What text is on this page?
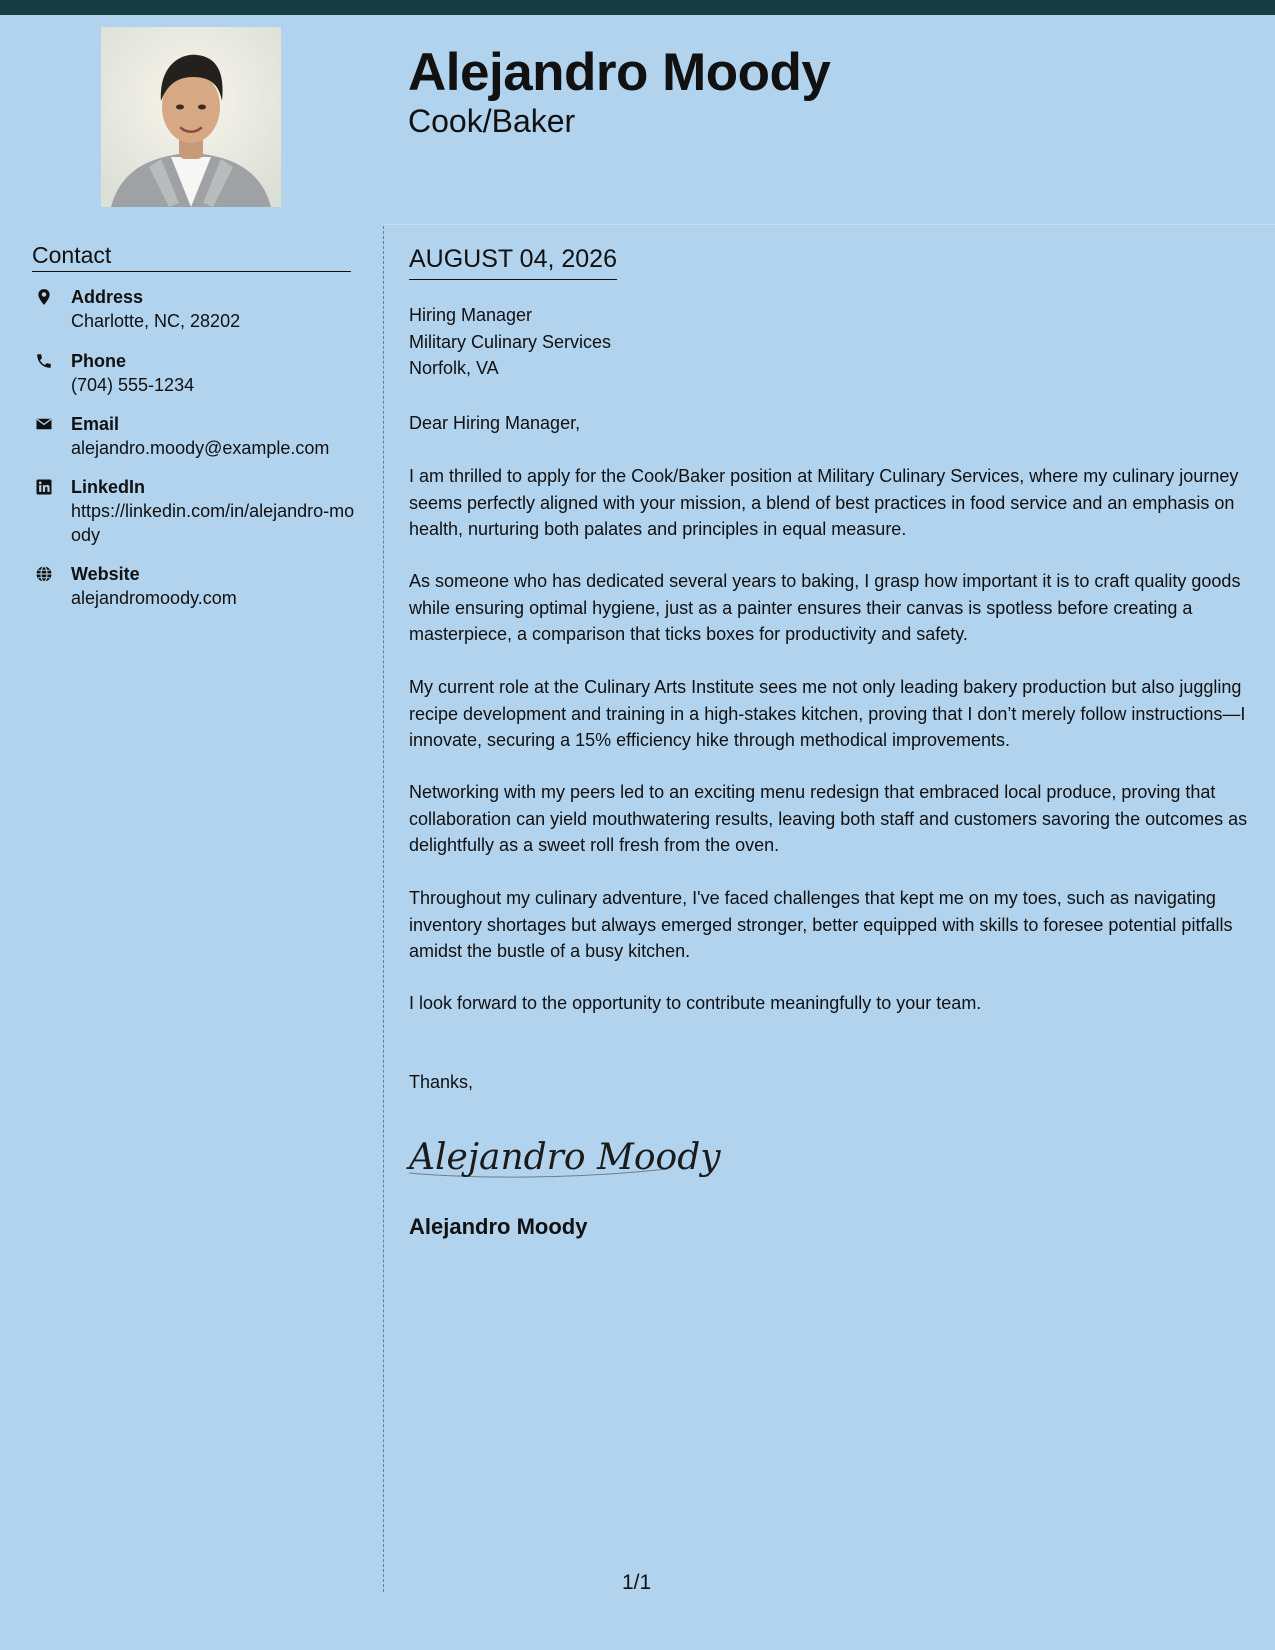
Alejandro Moody
Cook/Baker
Contact
Address
Charlotte, NC, 28202
Phone
(704) 555-1234
Email
alejandro.moody@example.com
LinkedIn
https://linkedin.com/in/alejandro-moody
Website
alejandromoody.com
AUGUST 04, 2026
Hiring Manager
Military Culinary Services
Norfolk, VA
Dear Hiring Manager,

I am thrilled to apply for the Cook/Baker position at Military Culinary Services, where my culinary journey seems perfectly aligned with your mission, a blend of best practices in food service and an emphasis on health, nurturing both palates and principles in equal measure.

As someone who has dedicated several years to baking, I grasp how important it is to craft quality goods while ensuring optimal hygiene, just as a painter ensures their canvas is spotless before creating a masterpiece, a comparison that ticks boxes for productivity and safety.

My current role at the Culinary Arts Institute sees me not only leading bakery production but also juggling recipe development and training in a high-stakes kitchen, proving that I don’t merely follow instructions—I innovate, securing a 15% efficiency hike through methodical improvements.

Networking with my peers led to an exciting menu redesign that embraced local produce, proving that collaboration can yield mouthwatering results, leaving both staff and customers savoring the outcomes as delightfully as a sweet roll fresh from the oven.

Throughout my culinary adventure, I've faced challenges that kept me on my toes, such as navigating inventory shortages but always emerged stronger, better equipped with skills to foresee potential pitfalls amidst the bustle of a busy kitchen.

I look forward to the opportunity to contribute meaningfully to your team.

Thanks,
Alejandro Moody
Alejandro Moody
1/1
